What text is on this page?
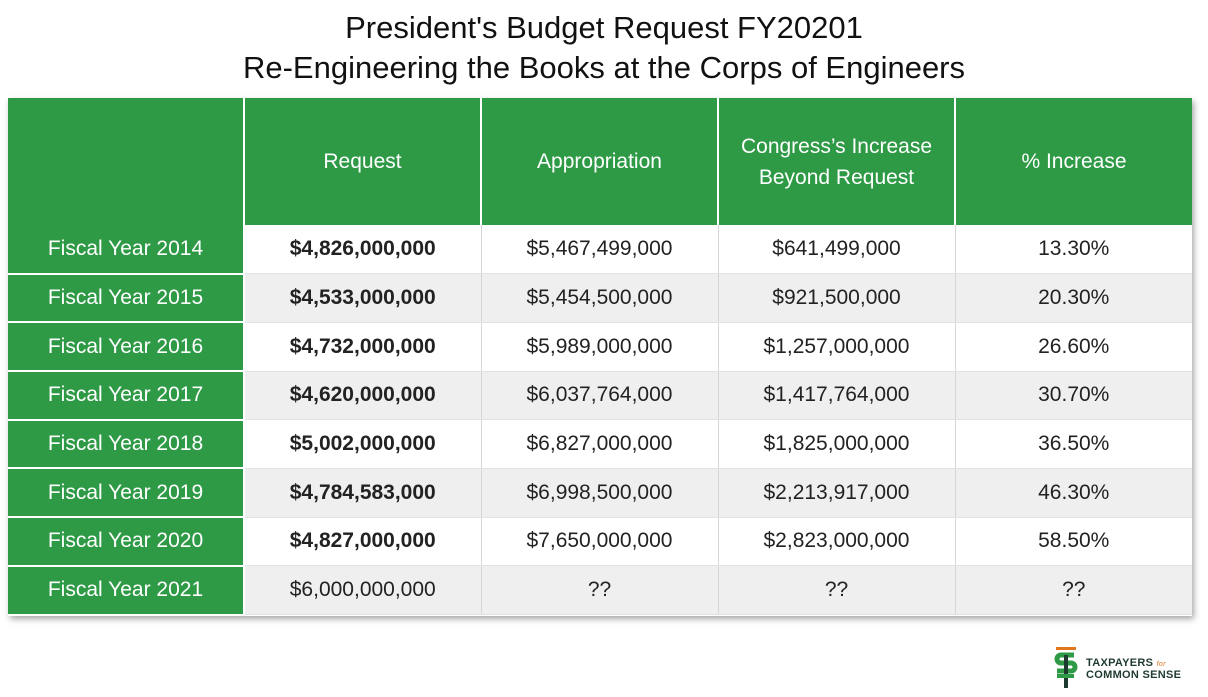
President's Budget Request FY20201
Re-Engineering the Books at the Corps of Engineers
	Request	Appropriation	Congress’s Increase Beyond Request	% Increase
Fiscal Year 2014	$4,826,000,000	$5,467,499,000	$641,499,000	13.30%
Fiscal Year 2015	$4,533,000,000	$5,454,500,000	$921,500,000	20.30%
Fiscal Year 2016	$4,732,000,000	$5,989,000,000	$1,257,000,000	26.60%
Fiscal Year 2017	$4,620,000,000	$6,037,764,000	$1,417,764,000	30.70%
Fiscal Year 2018	$5,002,000,000	$6,827,000,000	$1,825,000,000	36.50%
Fiscal Year 2019	$4,784,583,000	$6,998,500,000	$2,213,917,000	46.30%
Fiscal Year 2020	$4,827,000,000	$7,650,000,000	$2,823,000,000	58.50%
Fiscal Year 2021	$6,000,000,000	??	??	??
TAXPAYERS for
COMMON SENSE
